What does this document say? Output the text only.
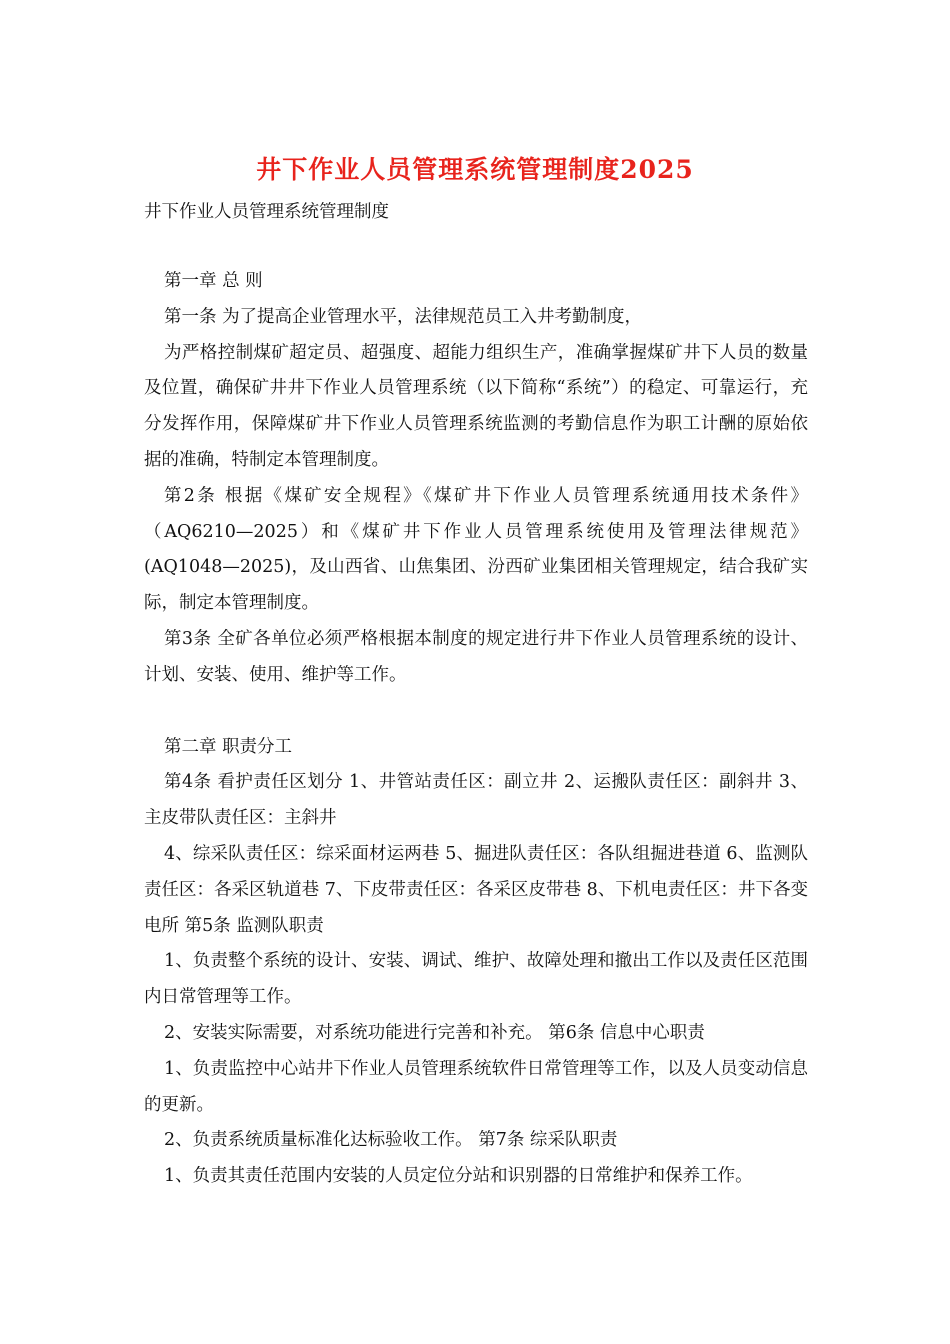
井下作业人员管理系统管理制度2025
井下作业人员管理系统管理制度

第一章 总 则

第一条 为了提高企业管理水平，法律规范员工入井考勤制度，

为严格控制煤矿超定员、超强度、超能力组织生产，准确掌握煤矿井下人员的数量及位置，确保矿井井下作业人员管理系统（以下简称“系统”）的稳定、可靠运行，充分发挥作用，保障煤矿井下作业人员管理系统监测的考勤信息作为职工计酬的原始依据的准确，特制定本管理制度。

第2条 根据《煤矿安全规程》《煤矿井下作业人员管理系统通用技术条件》（AQ6210—2025）和《煤矿井下作业人员管理系统使用及管理法律规范》(AQ1048—2025)，及山西省、山焦集团、汾西矿业集团相关管理规定，结合我矿实际，制定本管理制度。

第3条 全矿各单位必须严格根据本制度的规定进行井下作业人员管理系统的设计、计划、安装、使用、维护等工作。

第二章 职责分工

第4条 看护责任区划分 1、井管站责任区：副立井 2、运搬队责任区：副斜井 3、主皮带队责任区：主斜井

4、综采队责任区：综采面材运两巷 5、掘进队责任区：各队组掘进巷道 6、监测队责任区：各采区轨道巷 7、下皮带责任区：各采区皮带巷 8、下机电责任区：井下各变电所 第5条 监测队职责

1、负责整个系统的设计、安装、调试、维护、故障处理和撤出工作以及责任区范围内日常管理等工作。

2、安装实际需要，对系统功能进行完善和补充。 第6条 信息中心职责

1、负责监控中心站井下作业人员管理系统软件日常管理等工作，以及人员变动信息的更新。

2、负责系统质量标准化达标验收工作。 第7条 综采队职责

1、负责其责任范围内安装的人员定位分站和识别器的日常维护和保养工作。
